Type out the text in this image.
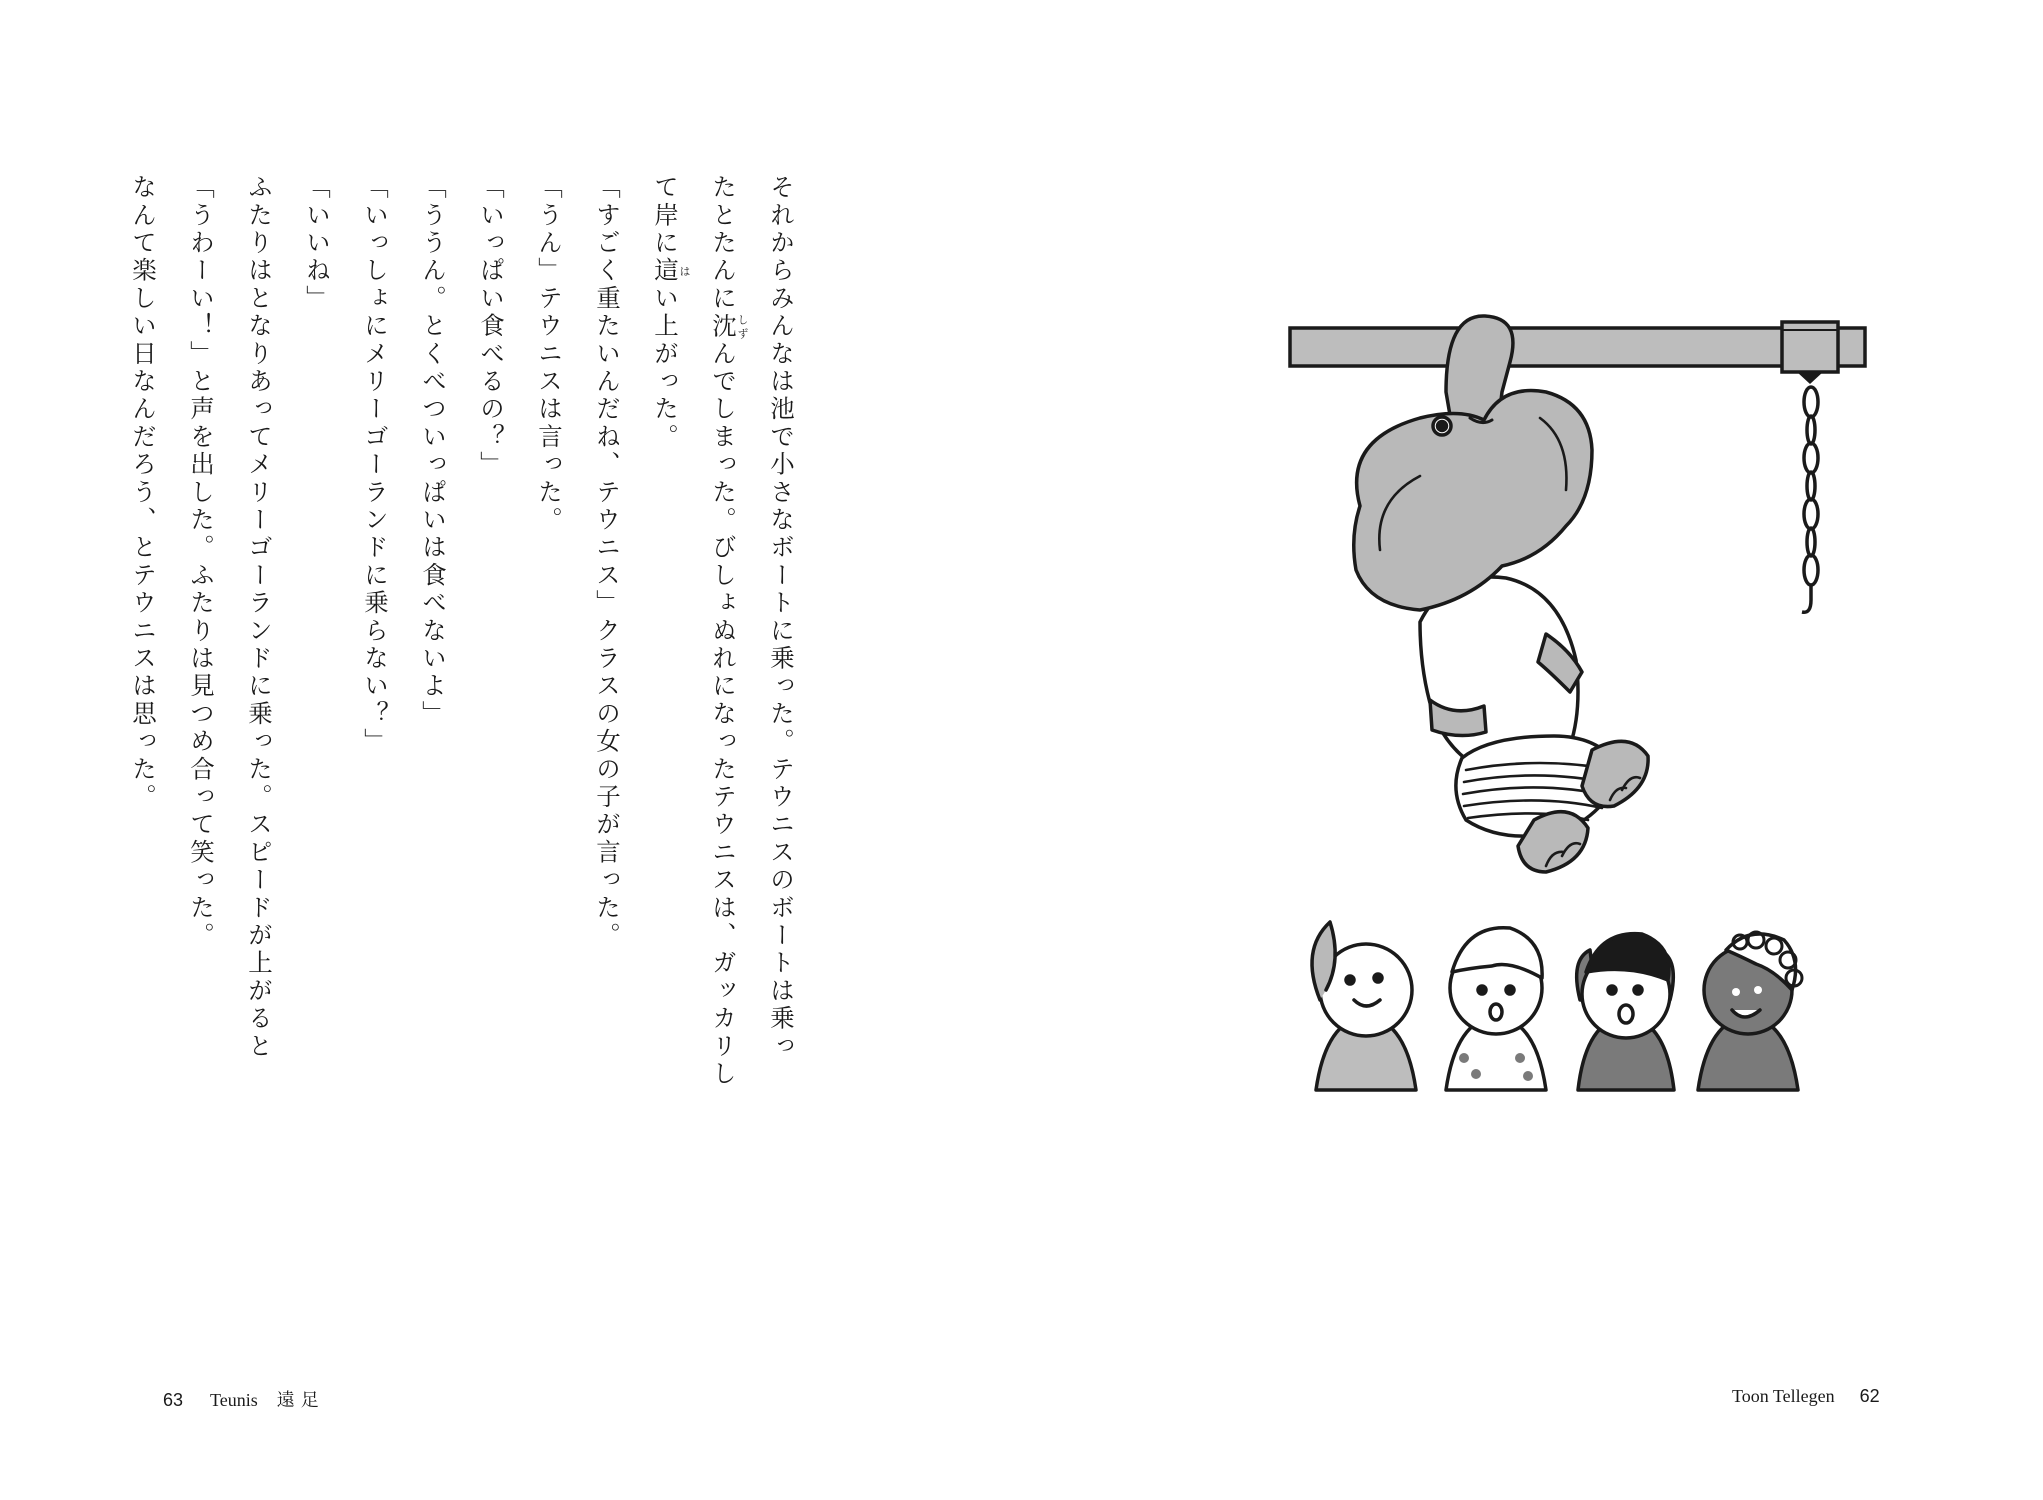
それからみんなは池で小さなボートに乗った。テウニスのボートは乗っ

たとたんに沈しずんでしまった。びしょぬれになったテウニスは、ガッカリし

て岸に這はい上がった。

「すごく重たいんだね、テウニス」クラスの女の子が言った。

「うん」テウニスは言った。

「いっぱい食べるの？」

「ううん。とくべついっぱいは食べないよ」

「いっしょにメリーゴーランドに乗らない？」

「いいね」

ふたりはとなりあってメリーゴーランドに乗った。スピードが上がると

「うわーい！」と声を出した。ふたりは見つめ合って笑った。

なんて楽しい日なんだろう、とテウニスは思った。

63 Teunis 遠足	Toon Tellegen 62
